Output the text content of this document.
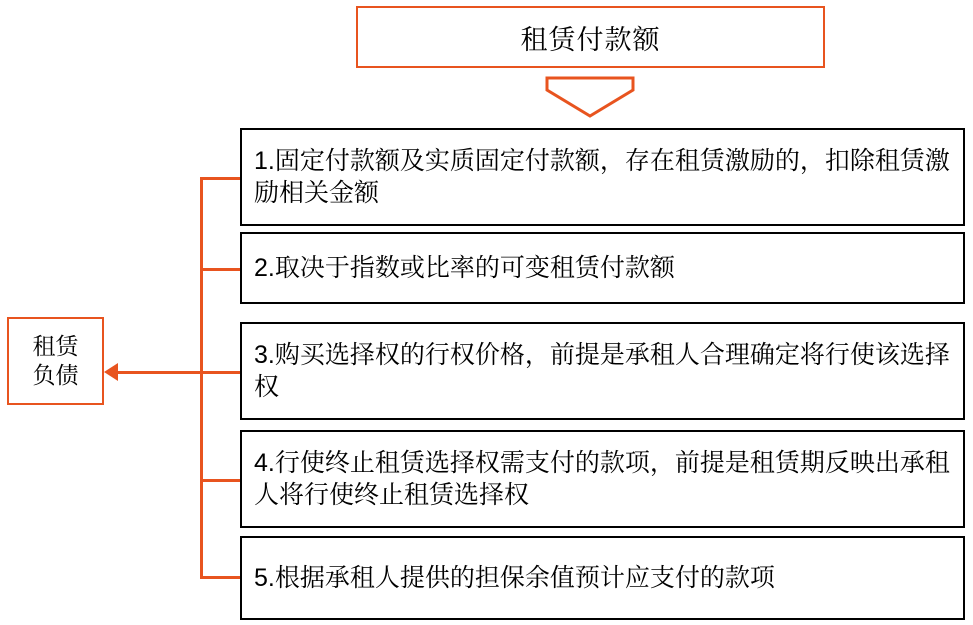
租赁付款额
租赁
负债
1.固定付款额及实质固定付款额，存在租赁激励的，扣除租赁激励相关金额
2.取决于指数或比率的可变租赁付款额
3.购买选择权的行权价格，前提是承租人合理确定将行使该选择权
4.行使终止租赁选择权需支付的款项，前提是租赁期反映出承租人将行使终止租赁选择权
5.根据承租人提供的担保余值预计应支付的款项
